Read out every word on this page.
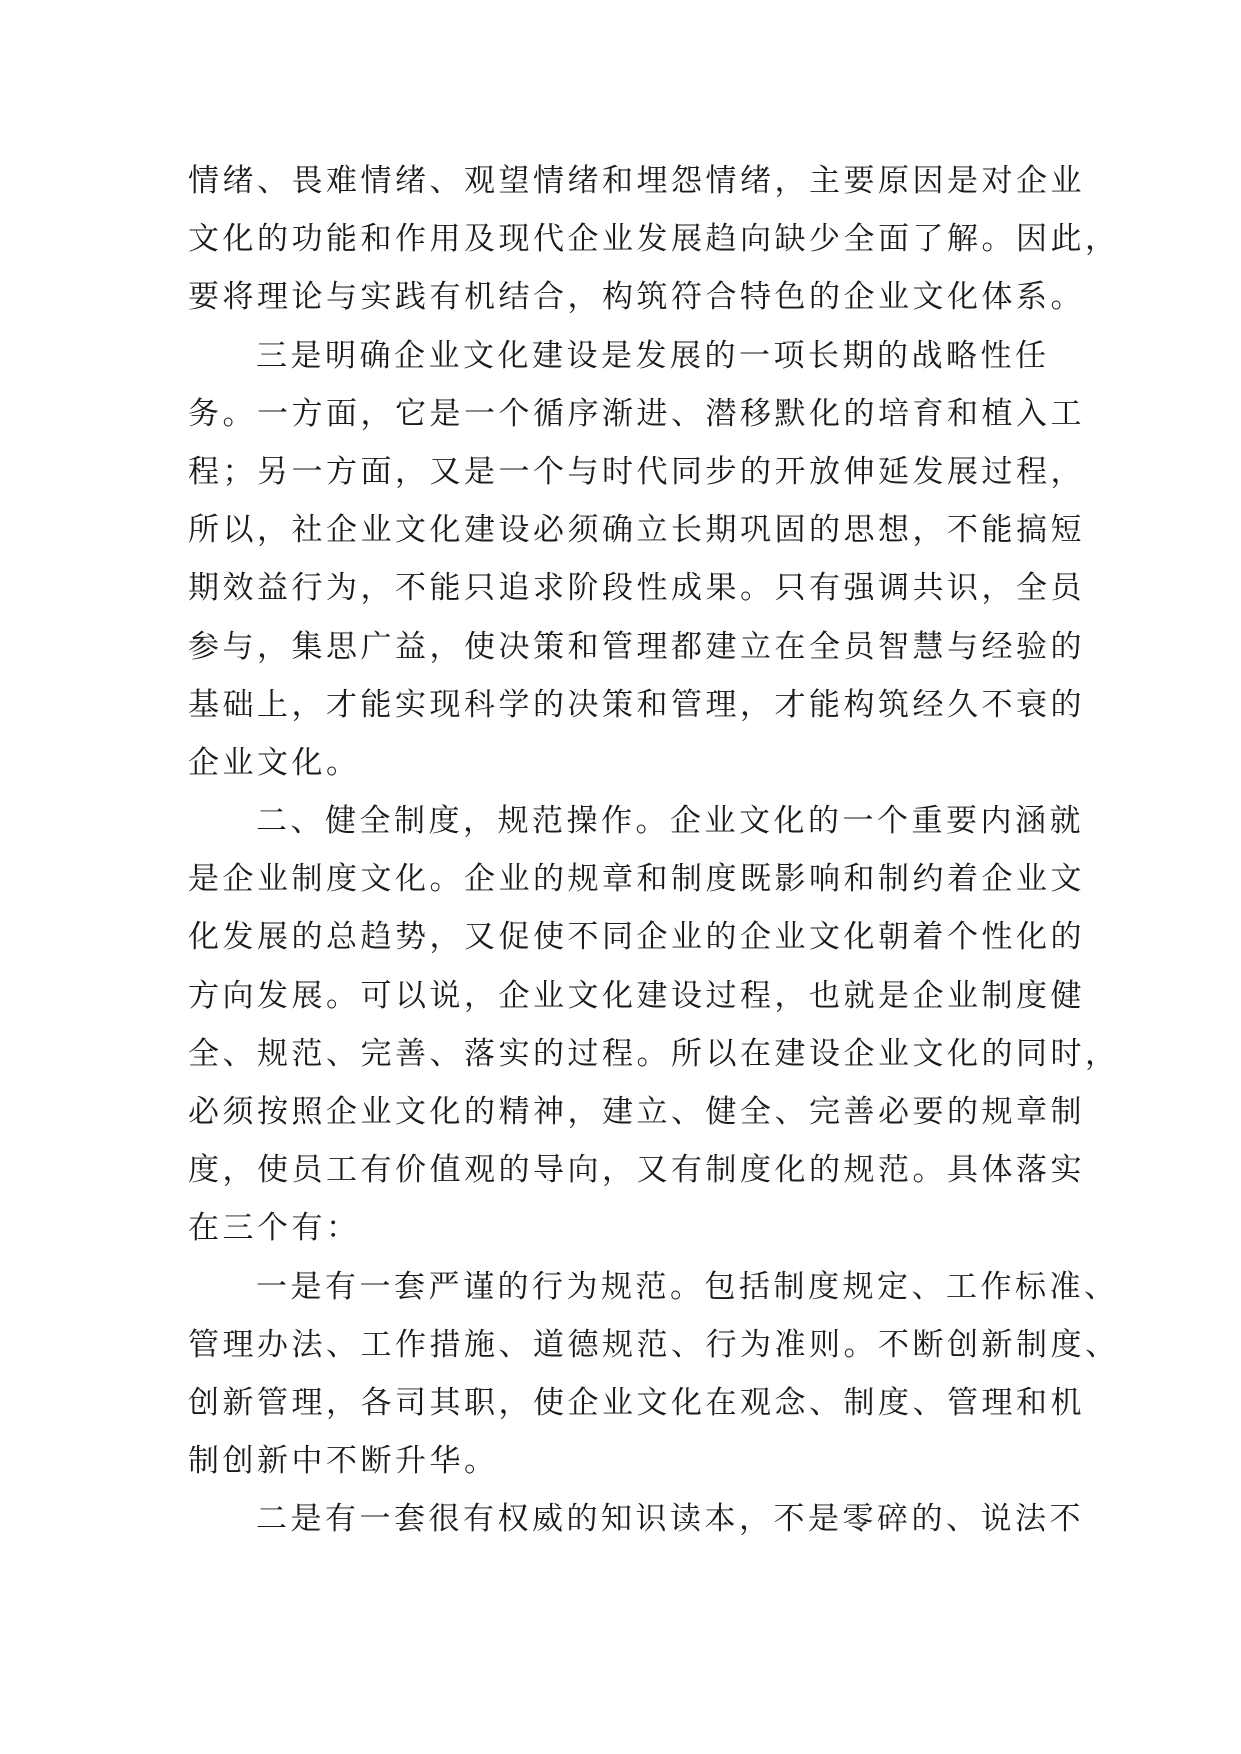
情绪、畏难情绪、观望情绪和埋怨情绪，主要原因是对企业
文化的功能和作用及现代企业发展趋向缺少全面了解。因此，
要将理论与实践有机结合，构筑符合特色的企业文化体系。
三是明确企业文化建设是发展的一项长期的战略性任
务。一方面，它是一个循序渐进、潜移默化的培育和植入工
程；另一方面，又是一个与时代同步的开放伸延发展过程，
所以，社企业文化建设必须确立长期巩固的思想，不能搞短
期效益行为，不能只追求阶段性成果。只有强调共识，全员
参与，集思广益，使决策和管理都建立在全员智慧与经验的
基础上，才能实现科学的决策和管理，才能构筑经久不衰的
企业文化。
二、健全制度，规范操作。企业文化的一个重要内涵就
是企业制度文化。企业的规章和制度既影响和制约着企业文
化发展的总趋势，又促使不同企业的企业文化朝着个性化的
方向发展。可以说，企业文化建设过程，也就是企业制度健
全、规范、完善、落实的过程。所以在建设企业文化的同时，
必须按照企业文化的精神，建立、健全、完善必要的规章制
度，使员工有价值观的导向，又有制度化的规范。具体落实
在三个有：
一是有一套严谨的行为规范。包括制度规定、工作标准、
管理办法、工作措施、道德规范、行为准则。不断创新制度、
创新管理，各司其职，使企业文化在观念、制度、管理和机
制创新中不断升华。
二是有一套很有权威的知识读本，不是零碎的、说法不
